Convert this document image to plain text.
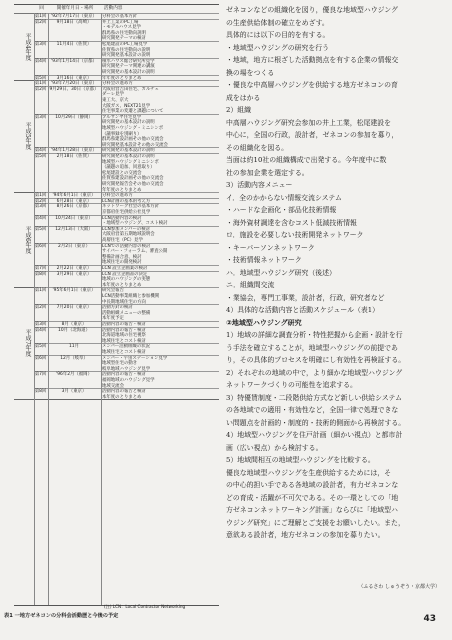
回	開催年月日・場所	活動内容
平成4年度
第1回	'92年7月17日（東京）	分科会の基本方針
第2回	9月18日（高崎）	井上工業のPC工場
・モデルハウス見学
群馬県の住宅動向説明
研究開発テーマの検討
第3回	11月4日（佐賀）	松尾建設のPC工場見学
佐賀県の住宅動向の説明
研究開発基本設計の説明
第4回	'93年1月14日（京都）	積水ハウス総合研究所見学
研究開発テーマ関連の講演
研究開発の基本設計の説明
第5回	3月16日（東京）	年年度のとりまとめ
平成5年度
第1回	'93年7月20日（東京）	分科会の進め方
第2回 9月29日、30日（京都） 大阪府営吉田住宅、カルチェ
ダーレ見学
東工大、京大
大阪ガス、NEXT21見学
住宅事業の変遷と課題について
第3回	10月29日（静岡）	ブルサンヤ住宅見学
研究開発の基本設計の説明
地域型ハウジング・ミニシンポ
（議事録を別刷り）
群馬県建設計画その他の交流会
研究開発基本設計その他の交流会
第4回	'94年1月28日（東京）	研究開発の基本設計の説明
第5回	2月18日（佐賀）	研究開発の基本設計の説明
地域型ハウジングミニシンポ
（議題の追加、同意取り）
松尾建設との交流会
佐賀県建設計画その他の交流会
研究開発報告会その他の交流会
年年度のとりまとめ
平成6年度
第1回	'94年6月1日（東京）	分科会の進め方
第2回	6月28日（東京）	LCN計画の基本的考え方
第3回	8月26日（京都）	ネットワーク社会の基本方針
京都府住宅供給公社見学
第4回	10月24日（東京）	LCN活動内容の検討
・地域型ハウジング、コスト検討
第5回	12月13日（大阪）	LCN参加メンバーの検討
大阪府営第五期地域説明会
高層住宅（PC）見学
第6回	2月2日（東京）	LCNでの活動内容の検討
サイバー・フォーラム、審査公開
整備計画合意、検討
地域住宅の開発検討
第7回	2月22日（東京）	LCN 設立企画案の検討
第8回	3月29日（東京）	LCN 設立企画書の決定
地域のハウジングの実態
本年度のとりまとめ
平成7年度
第1回	'95年6月1日（東京）	研究会報告
LCN活動事業組織と参加機関
中長期地域住宅の方向
第2回	7月20日（東京）	活動方針の検討
活動組織メニューの整備
本年度予定
第3回	8月（東京）	活動内容の報告・検討
第4回	10月（北海道）	活動内容の報告・検討
北海道地域の住宅視察
地域住宅とコスト検討
第5回	11月	メンバー活動組織の状況
地域住宅とコスト検討
第6回	12月（岐阜）	メンバー・宇宙ステーション見学
地域型住宅の動き
岐阜地域ハウジング見学
第7回	'96年2月（福岡）	活動内容の報告・検討
福岡地域のハウジング見学
地域交流会
第8回	3月（東京）	活動内容の報告と検討
本年度のとりまとめ
(注) LCN：Local Contractor Networking
表1 一地方ゼネコンの分科会活動歴と今後の予定

ゼネコンなどの組織化を図り，優良な地域型ハウジング

の生産供給体制の確立をめざす。

具体的には以下の目的を有する。

・地域型ハウジングの研究を行う

・地域，地方に根ざした活動拠点を有する企業の情報交

換の場をつくる

・優良な中高層ハウジングを供給する地方ゼネコンの育

成をはかる

2）組織

中高層ハウジング研究会参加の井上工業，松尾建設を

中心に，全国の行政，設計者，ゼネコンの参加を募り，

その組織化を図る。

当面は約10社の組織構成で出発する。今年度中に数

社の参加企業を選定する。

3）活動内容メニュー

イ．全のかからない情報交流システム

・ハードな企画化・部品化技術情報

・海外資材調達を含むコスト低減技術情報

ロ．施設を必要しない技術開発ネットワーク

・キーパーソンネットワーク

・技術情報ネットワーク

ハ．地域型ハウジング研究（後述）

ニ．組織間交流

・業協会，専門工事業，設計者，行政，研究者など

4）具体的な活動内容と活動スケジュール（表1）

②地域型ハウジング研究

1）地域の詳細な調査分析・特性把握から企画・設計を行

う手法を確立することが，地域型ハウジングの前提であ

り，その具体的プロセスを明確にし有効性を再検証する。

2）それぞれの地域の中で，より細かな地域型ハウジング

ネットワークづくりの可能性を追求する。

3）特優賃制度・二段階供給方式など新しい供給システム

の各地域での適用・有効性など，全国一律で処理できな

い問題点を計画的・制度的・技術的側面から再検討する。

4）地域型ハウジングを住戸計画（細かい視点）と都市計

画（広い視点）から検討する。

5）地域間相互の地域型ハウジングを比較する。

優良な地域型ハウジングを生産供給するためには，そ

の中心的担い手である各地域の設計者，有力ゼネコンな

どの育成・活躍が不可欠である。その一環としての「地

方ゼネコンネットワーキング計画」ならびに「地域型ハ

ウジング研究」にご理解とご支援をお願いしたい。また，

意欲ある設計者，地方ゼネコンの参加を募りたい。

（ふるさわ しゅうぞう・京都大学）
43
